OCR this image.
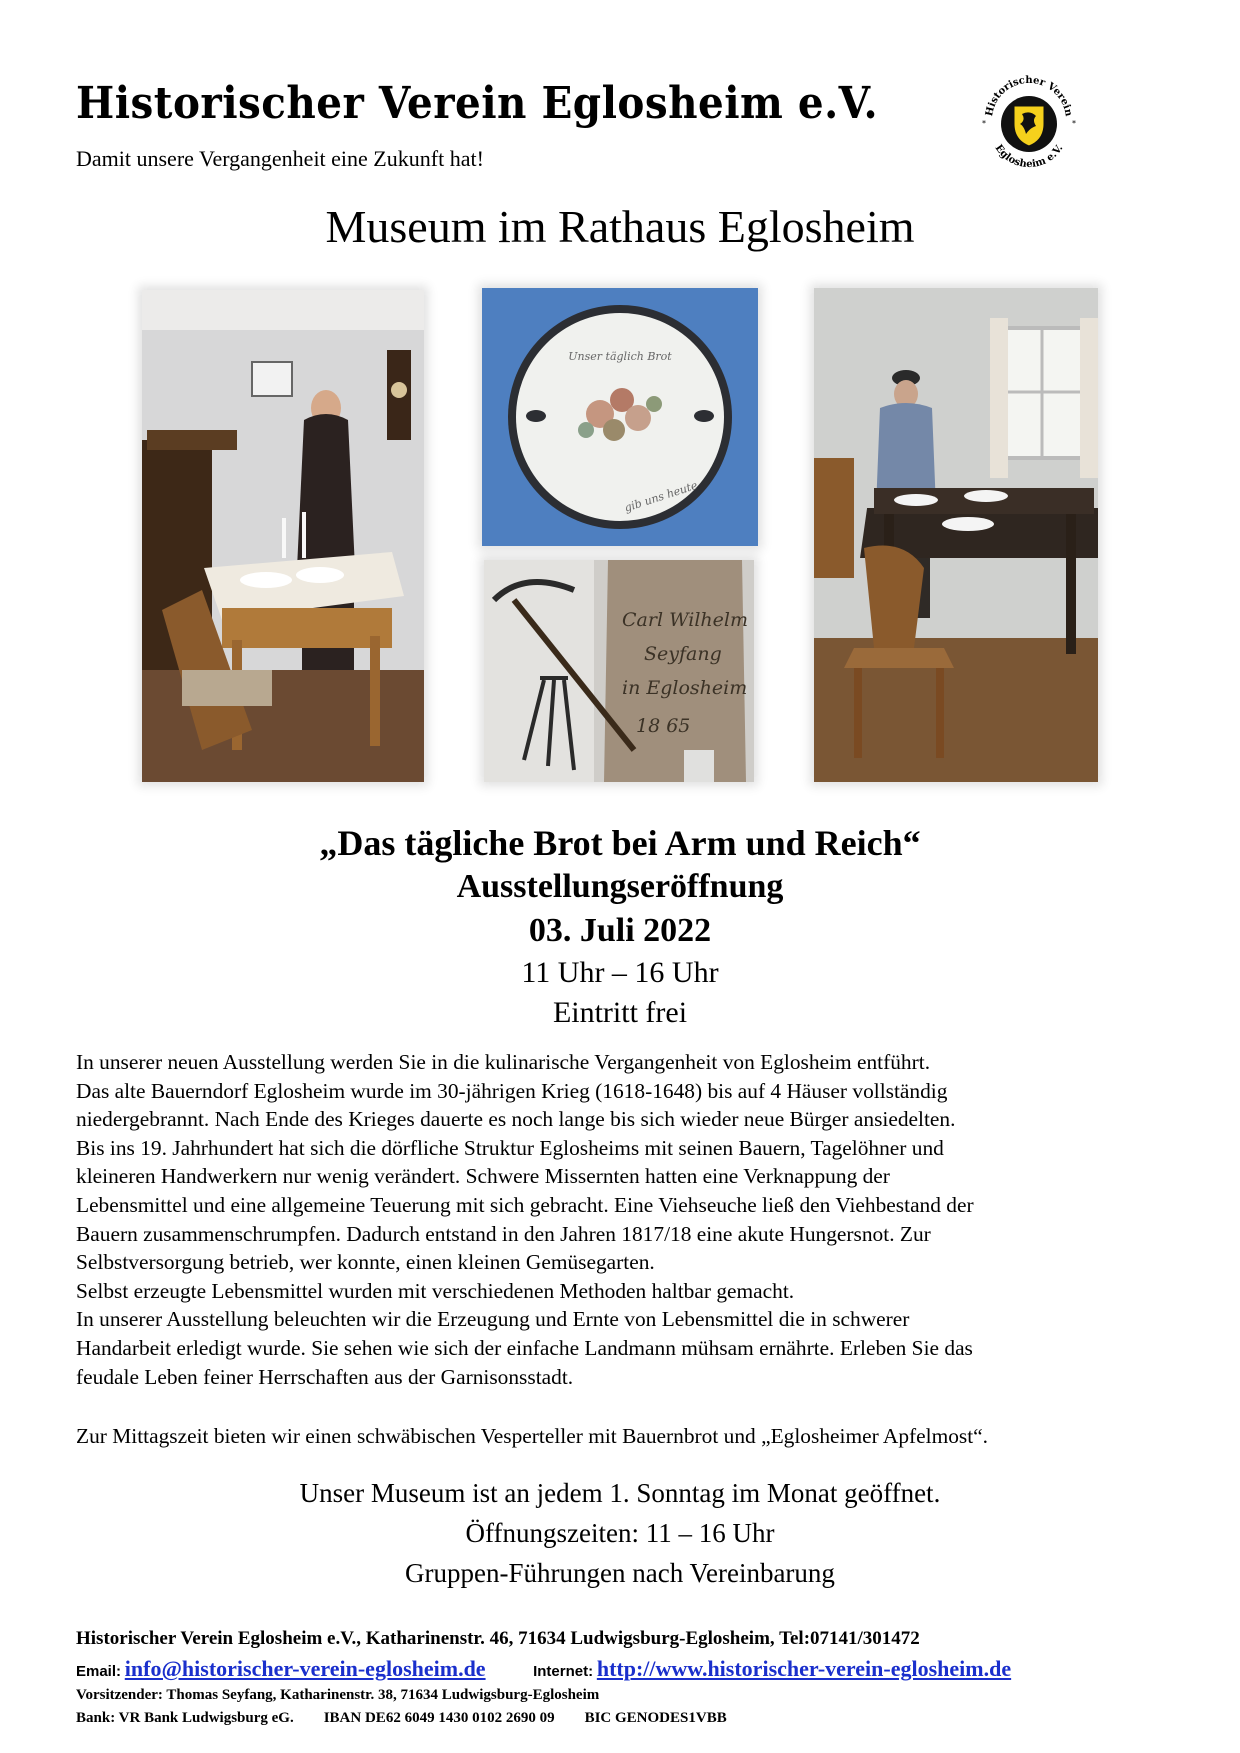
Historischer Verein Eglosheim e.V.
Damit unsere Vergangenheit eine Zukunft hat!
Historischer Verein
Eglosheim e.V.
*	*
Museum im Rathaus Eglosheim
Unser täglich Brot
gib uns heute
Carl Wilhelm
Seyfang
in Eglosheim
18 65
„Das tägliche Brot bei Arm und Reich“
Ausstellungseröffnung
03. Juli 2022
11 Uhr – 16 Uhr
Eintritt frei
In unserer neuen Ausstellung werden Sie in die kulinarische Vergangenheit von Eglosheim entführt.
Das alte Bauerndorf Eglosheim wurde im 30-jährigen Krieg (1618-1648) bis auf 4 Häuser vollständig
niedergebrannt. Nach Ende des Krieges dauerte es noch lange bis sich wieder neue Bürger ansiedelten.
Bis ins 19. Jahrhundert hat sich die dörfliche Struktur Eglosheims mit seinen Bauern, Tagelöhner und
kleineren Handwerkern nur wenig verändert. Schwere Missernten hatten eine Verknappung der
Lebensmittel und eine allgemeine Teuerung mit sich gebracht. Eine Viehseuche ließ den Viehbestand der
Bauern zusammenschrumpfen. Dadurch entstand in den Jahren 1817/18 eine akute Hungersnot. Zur
Selbstversorgung betrieb, wer konnte, einen kleinen Gemüsegarten.
Selbst erzeugte Lebensmittel wurden mit verschiedenen Methoden haltbar gemacht.
In unserer Ausstellung beleuchten wir die Erzeugung und Ernte von Lebensmittel die in schwerer
Handarbeit erledigt wurde. Sie sehen wie sich der einfache Landmann mühsam ernährte. Erleben Sie das
feudale Leben feiner Herrschaften aus der Garnisonsstadt.
Zur Mittagszeit bieten wir einen schwäbischen Vesperteller mit Bauernbrot und „Eglosheimer Apfelmost“.
Unser Museum ist an jedem 1. Sonntag im Monat geöffnet.
Öffnungszeiten: 11 – 16 Uhr
Gruppen-Führungen nach Vereinbarung
Historischer Verein Eglosheim e.V., Katharinenstr. 46, 71634 Ludwigsburg-Eglosheim, Tel:07141/301472
Email: info@historischer-verein-eglosheim.de	Internet: http://www.historischer-verein-eglosheim.de
Vorsitzender: Thomas Seyfang, Katharinenstr. 38, 71634 Ludwigsburg-Eglosheim
Bank: VR Bank Ludwigsburg eG. IBAN DE62 6049 1430 0102 2690 09 BIC GENODES1VBB
